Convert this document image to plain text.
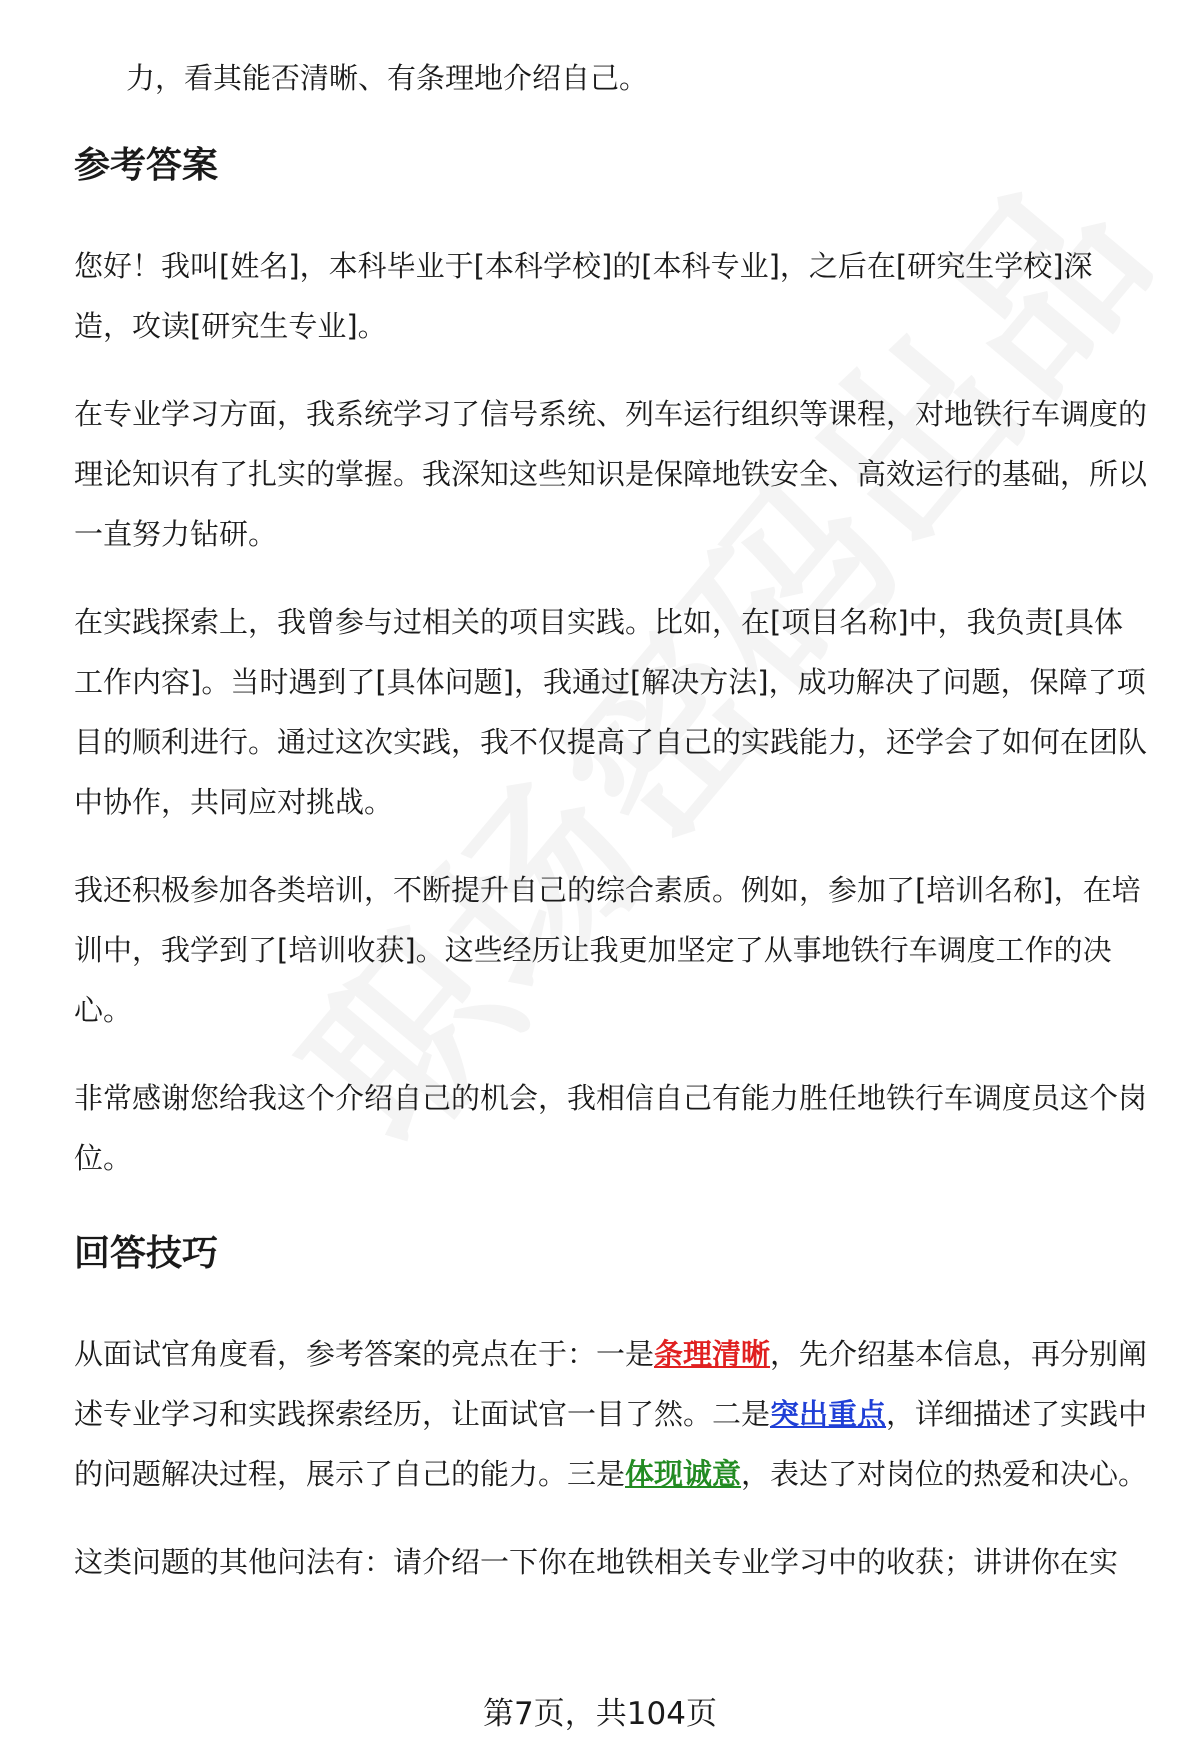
力，看其能否清晰、有条理地介绍自己。

参考答案

您好！我叫[姓名]，本科毕业于[本科学校]的[本科专业]，之后在[研究生学校]深造，攻读[研究生专业]。

在专业学习方面，我系统学习了信号系统、列车运行组织等课程，对地铁行车调度的理论知识有了扎实的掌握。我深知这些知识是保障地铁安全、高效运行的基础，所以一直努力钻研。

在实践探索上，我曾参与过相关的项目实践。比如，在[项目名称]中，我负责[具体工作内容]。当时遇到了[具体问题]，我通过[解决方法]，成功解决了问题，保障了项目的顺利进行。通过这次实践，我不仅提高了自己的实践能力，还学会了如何在团队中协作，共同应对挑战。

我还积极参加各类培训，不断提升自己的综合素质。例如，参加了[培训名称]，在培训中，我学到了[培训收获]。这些经历让我更加坚定了从事地铁行车调度工作的决心。

非常感谢您给我这个介绍自己的机会，我相信自己有能力胜任地铁行车调度员这个岗位。

回答技巧

从面试官角度看，参考答案的亮点在于：一是条理清晰，先介绍基本信息，再分别阐述专业学习和实践探索经历，让面试官一目了然。二是突出重点，详细描述了实践中的问题解决过程，展示了自己的能力。三是体现诚意，表达了对岗位的热爱和决心。

这类问题的其他问法有：请介绍一下你在地铁相关专业学习中的收获；讲讲你在实

第7页，共104页
